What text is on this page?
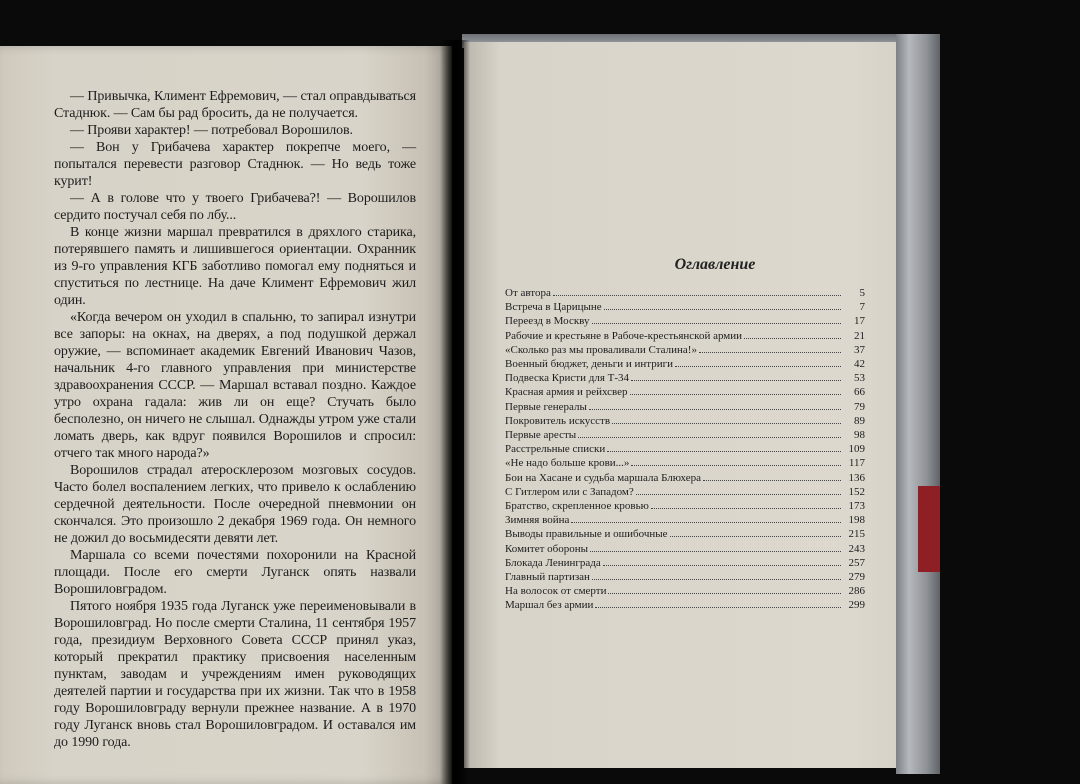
— Привычка, Климент Ефремович, — стал оправдываться Стаднюк. — Сам бы рад бросить, да не получается.

— Прояви характер! — потребовал Ворошилов.

— Вон у Грибачева характер покрепче моего, — попытался перевести разговор Стаднюк. — Но ведь тоже курит!

— А в голове что у твоего Грибачева?! — Ворошилов сердито постучал себя по лбу...

В конце жизни маршал превратился в дряхлого старика, потерявшего память и лишившегося ориентации. Охранник из 9-го управления КГБ заботливо помогал ему подняться и спуститься по лестнице. На даче Климент Ефремович жил один.

«Когда вечером он уходил в спальню, то запирал изнутри все запоры: на окнах, на дверях, а под подушкой держал оружие, — вспоминает академик Евгений Иванович Чазов, начальник 4-го главного управления при министерстве здравоохранения СССР. — Маршал вставал поздно. Каждое утро охрана гадала: жив ли он еще? Стучать было бесполезно, он ничего не слышал. Однажды утром уже стали ломать дверь, как вдруг появился Ворошилов и спросил: отчего так много народа?»

Ворошилов страдал атеросклерозом мозговых сосудов. Часто болел воспалением легких, что привело к ослаблению сердечной деятельности. После очередной пневмонии он скончался. Это произошло 2 декабря 1969 года. Он немного не дожил до восьмидесяти девяти лет.

Маршала со всеми почестями похоронили на Красной площади. После его смерти Луганск опять назвали Ворошиловградом.

Пятого ноября 1935 года Луганск уже переименовывали в Ворошиловград. Но после смерти Сталина, 11 сентября 1957 года, президиум Верховного Совета СССР принял указ, который прекратил практику присвоения населенным пунктам, заводам и учреждениям имен руководящих деятелей партии и государства при их жизни. Так что в 1958 году Ворошиловграду вернули прежнее название. А в 1970 году Луганск вновь стал Ворошиловградом. И оставался им до 1990 года.

Оглавление
От автора	5
Встреча в Царицыне	7
Переезд в Москву	17
Рабочие и крестьяне в Рабоче-крестьянской армии	21
«Сколько раз мы проваливали Сталина!»	37
Военный бюджет, деньги и интриги	42
Подвеска Кристи для Т-34	53
Красная армия и рейхсвер	66
Первые генералы	79
Покровитель искусств	89
Первые аресты	98
Расстрельные списки	109
«Не надо больше крови...»	117
Бои на Хасане и судьба маршала Блюхера	136
С Гитлером или с Западом?	152
Братство, скрепленное кровью	173
Зимняя война	198
Выводы правильные и ошибочные	215
Комитет обороны	243
Блокада Ленинграда	257
Главный партизан	279
На волосок от смерти	286
Маршал без армии	299
